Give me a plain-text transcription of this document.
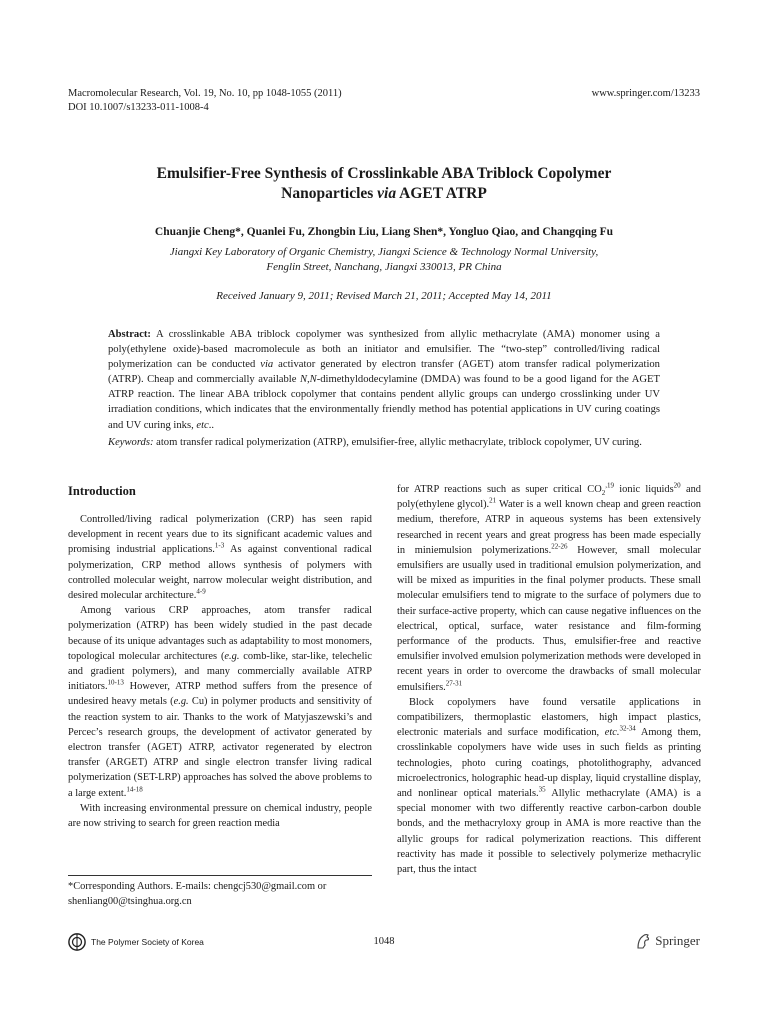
Macromolecular Research, Vol. 19, No. 10, pp 1048-1055 (2011)
DOI 10.1007/s13233-011-1008-4
www.springer.com/13233
Emulsifier-Free Synthesis of Crosslinkable ABA Triblock Copolymer
Nanoparticles via AGET ATRP
Chuanjie Cheng*, Quanlei Fu, Zhongbin Liu, Liang Shen*, Yongluo Qiao, and Changqing Fu
Jiangxi Key Laboratory of Organic Chemistry, Jiangxi Science & Technology Normal University,
Fenglin Street, Nanchang, Jiangxi 330013, PR China
Received January 9, 2011; Revised March 21, 2011; Accepted May 14, 2011
Abstract: A crosslinkable ABA triblock copolymer was synthesized from allylic methacrylate (AMA) monomer using a poly(ethylene oxide)-based macromolecule as both an initiator and emulsifier. The “two-step” controlled/living radical polymerization can be conducted via activator generated by electron transfer (AGET) atom transfer radical polymerization (ATRP). Cheap and commercially available N,N-dimethyldodecylamine (DMDA) was found to be a good ligand for the AGET ATRP reaction. The linear ABA triblock copolymer that contains pendent allylic groups can undergo crosslinking under UV irradiation conditions, which indicates that the environmentally friendly method has potential applications in UV curing coatings and UV curing inks, etc..
Keywords: atom transfer radical polymerization (ATRP), emulsifier-free, allylic methacrylate, triblock copolymer, UV curing.
Introduction

Controlled/living radical polymerization (CRP) has seen rapid development in recent years due to its significant academic values and promising industrial applications.$^{1-3}$ As against conventional radical polymerization, CRP method allows synthesis of polymers with controlled molecular weight, narrow molecular weight distribution, and desired molecular architecture.$^{4-9}$

Among various CRP approaches, atom transfer radical polymerization (ATRP) has been widely studied in the past decade because of its unique advantages such as adaptability to most monomers, topological molecular architectures (e.g. comb-like, star-like, telechelic and gradient polymers), and many commercially available ATRP initiators.$^{10-13}$ However, ATRP method suffers from the presence of undesired heavy metals (e.g. Cu) in polymer products and sensitivity of the reaction system to air. Thanks to the work of Matyjaszewski’s and Percec’s research groups, the development of activator generated by electron transfer (AGET) ATRP, activator regenerated by electron transfer (ARGET) ATRP and single electron transfer living radical polymerization (SET-LRP) approaches has solved the above problems to a large extent.$^{14-18}$

With increasing environmental pressure on chemical industry, people are now striving to search for green reaction media

for ATRP reactions such as super critical $CO_2^{,19}$ ionic liquids$^{20}$ and poly(ethylene glycol).$^{21}$ Water is a well known cheap and green reaction medium, therefore, ATRP in aqueous systems has been extensively researched in recent years and great progress has been made especially in miniemulsion polymerizations.$^{22-26}$ However, small molecular emulsifiers are usually used in traditional emulsion polymerization, and will be mixed as impurities in the final polymer products. These small molecular emulsifiers tend to migrate to the surface of polymers due to their surface-active property, which can cause negative influences on the electrical, optical, surface, water resistance and film-forming performance of the products. Thus, emulsifier-free and reactive emulsifier involved emulsion polymerization methods were developed in recent years in order to overcome the drawbacks of small molecular emulsifiers.$^{27-31}$

Block copolymers have found versatile applications in compatibilizers, thermoplastic elastomers, high impact plastics, electronic materials and surface modification, etc.$^{32-34}$ Among them, crosslinkable copolymers have wide uses in such fields as printing technologies, photo curing coatings, photolithography, advanced microelectronics, holographic head-up display, liquid crystalline display, and nonlinear optical materials.$^{35}$ Allylic methacrylate (AMA) is a special monomer with two differently reactive carbon-carbon double bonds, and the methacryloxy group in AMA is more reactive than the allylic groups for radical polymerization reactions. This different reactivity has made it possible to selectively polymerize methacrylic part, thus the intact

*Corresponding Authors. E-mails: chengcj530@gmail.com or
shenliang00@tsinghua.org.cn
The Polymer Society of Korea	1048	Springer
